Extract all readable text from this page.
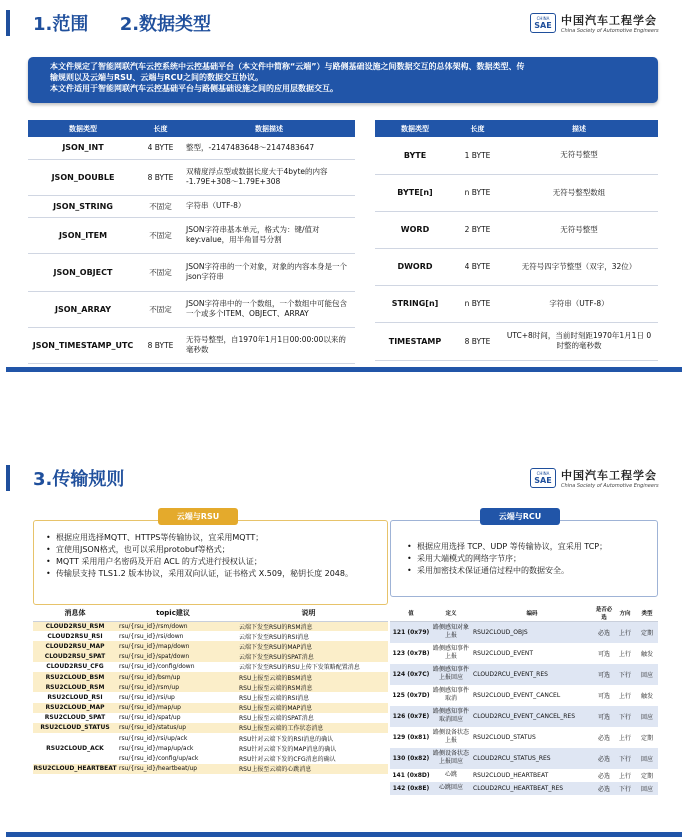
1.范围     2.数据类型	CHINA
SAE 中国汽车工程学会
China Society of Automotive Engineers

本文件规定了智能网联汽车云控系统中云控基础平台（本文件中简称“云端”）与路侧基础设施之间数据交互的总体架构、数据类型、传

输规则以及云端与RSU、云端与RCU之间的数据交互协议。

本文件适用于智能网联汽车云控基础平台与路侧基础设施之间的应用层数据交互。

数据类型	长度	数据描述
JSON_INT	4 BYTE	整型，-2147483648～2147483647
JSON_DOUBLE	8 BYTE	双精度浮点型或数据长度大于4byte的内容 -1.79E+308～1.79E+308
JSON_STRING	不固定	字符串（UTF-8）
JSON_ITEM	不固定	JSON字符串基本单元，格式为：键/值对 key:value，用半角冒号分割
JSON_OBJECT	不固定	JSON字符串的一个对象，对象的内容本身是一个json字符串
JSON_ARRAY	不固定	JSON字符串中的一个数组，一个数组中可能包含一个或多个ITEM、OBJECT、ARRAY
JSON_TIMESTAMP_UTC	8 BYTE	无符号整型，自1970年1月1日00:00:00以来的毫秒数
数据类型	长度	描述
BYTE	1 BYTE	无符号整型
BYTE[n]	n BYTE	无符号整型数组
WORD	2 BYTE	无符号整型
DWORD	4 BYTE	无符号四字节整型（双字，32位）
STRING[n]	n BYTE	字符串（UTF-8）
TIMESTAMP	8 BYTE	UTC+8时间，当前时刻距1970年1月1日 0时整的毫秒数
3.传输规则	CHINA
SAE 中国汽车工程学会
China Society of Automotive Engineers
云端与RSU
• 根据应用选择MQTT、HTTPS等传输协议，宜采用MQTT；
• 宜使用JSON格式，也可以采用protobuf等格式；
• MQTT 采用用户名密码及开启 ACL 的方式进行授权认证；
• 传输层支持 TLS1.2 版本协议，采用双向认证，证书格式 X.509，秘钥长度 2048。
云端与RCU
• 根据应用选择 TCP、UDP 等传输协议，宜采用 TCP；
• 采用大端模式的网络字节序；
• 采用加密技术保证通信过程中的数据安全。
消息体	topic建议	说明
CLOUD2RSU_RSM	rsu/{rsu_id}/rsm/down	云端下发至RSU的RSM消息
CLOUD2RSU_RSI	rsu/{rsu_id}/rsi/down	云端下发至RSU的RSI消息
CLOUD2RSU_MAP	rsu/{rsu_id}/map/down	云端下发至RSU的MAP消息
CLOUD2RSU_SPAT	rsu/{rsu_id}/spat/down	云端下发至RSU的SPAT消息
CLOUD2RSU_CFG	rsu/{rsu_id}/config/down	云端下发至RSU的RSU上传下发策略配置消息
RSU2CLOUD_BSM	rsu/{rsu_id}/bsm/up	RSU上报至云端的BSM消息
RSU2CLOUD_RSM	rsu/{rsu_id}/rsm/up	RSU上报至云端的RSM消息
RSU2CLOUD_RSI	rsu/{rsu_id}/rsi/up	RSU上报至云端的RSI消息
RSU2CLOUD_MAP	rsu/{rsu_id}/map/up	RSU上报至云端的MAP消息
RSU2CLOUD_SPAT	rsu/{rsu_id}/spat/up	RSU上报至云端的SPAT消息
RSU2CLOUD_STATUS	rsu/{rsu_id}/status/up	RSU上报至云端的工作状态消息
	rsu/{rsu_id}/rsi/up/ack	RSU针对云端下发的RSI消息的确认
RSU2CLOUD_ACK	rsu/{rsu_id}/map/up/ack	RSU针对云端下发的MAP消息的确认
	rsu/{rsu_id}/config/up/ack	RSU针对云端下发的CFG消息的确认
RSU2CLOUD_HEARTBEAT	rsu/{rsu_id}/heartbeat/up	RSU上报至云端的心跳消息
值	定义	编码	是否必选	方向	类型
121 (0x79)	路侧感知对象上报	RSU2CLOUD_OBJS	必选	上行	定期
123 (0x7B)	路侧感知事件上报	RSU2CLOUD_EVENT	可选	上行	触发
124 (0x7C)	路侧感知事件上报回应	CLOUD2RCU_EVENT_RES	可选	下行	回应
125 (0x7D)	路侧感知事件取消	RSU2CLOUD_EVENT_CANCEL	可选	上行	触发
126 (0x7E)	路侧感知事件取消回应	CLOUD2RCU_EVENT_CANCEL_RES	可选	下行	回应
129 (0x81)	路侧设备状态上报	RSU2CLOUD_STATUS	必选	上行	定期
130 (0x82)	路侧设备状态上报回应	CLOUD2RCU_STATUS_RES	必选	下行	回应
141 (0x8D)	心跳	RSU2CLOUD_HEARTBEAT	必选	上行	定期
142 (0x8E)	心跳回应	CLOUD2RCU_HEARTBEAT_RES	必选	下行	回应
